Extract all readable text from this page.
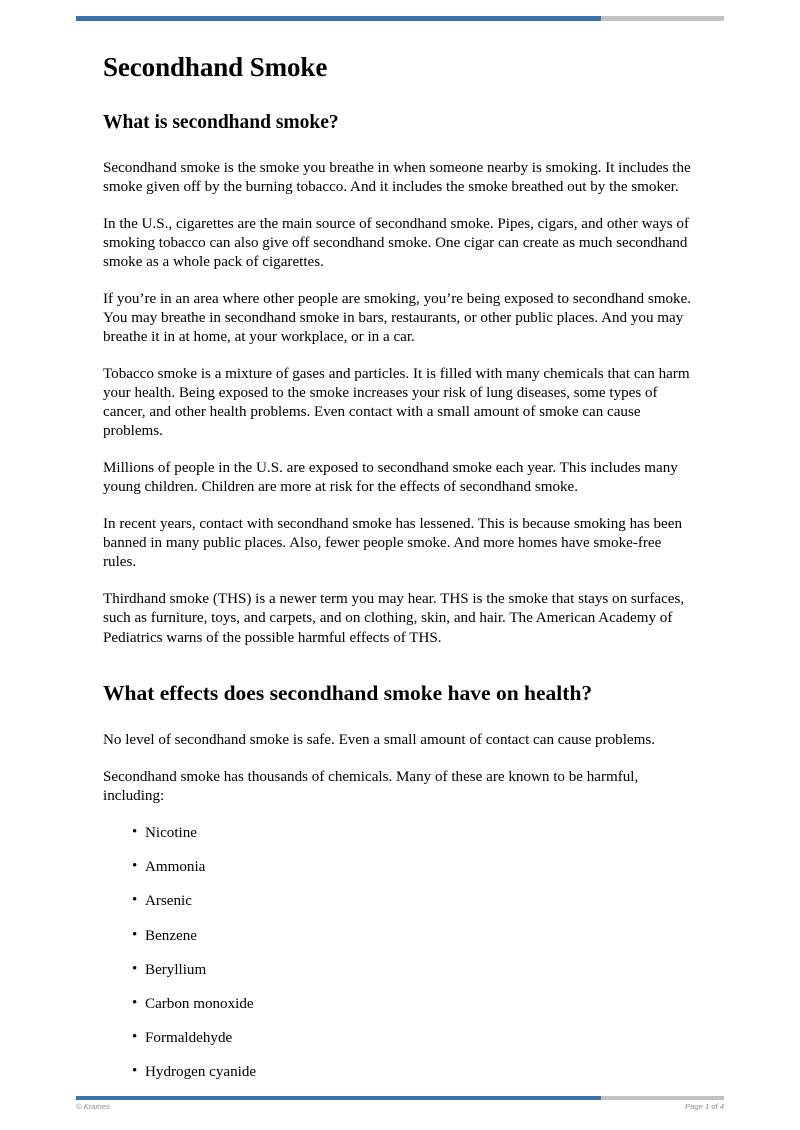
Secondhand Smoke
What is secondhand smoke?

Secondhand smoke is the smoke you breathe in when someone nearby is smoking. It includes the smoke given off by the burning tobacco. And it includes the smoke breathed out by the smoker.

In the U.S., cigarettes are the main source of secondhand smoke. Pipes, cigars, and other ways of smoking tobacco can also give off secondhand smoke. One cigar can create as much secondhand smoke as a whole pack of cigarettes.

If you’re in an area where other people are smoking, you’re being exposed to secondhand smoke. You may breathe in secondhand smoke in bars, restaurants, or other public places. And you may breathe it in at home, at your workplace, or in a car.

Tobacco smoke is a mixture of gases and particles. It is filled with many chemicals that can harm your health. Being exposed to the smoke increases your risk of lung diseases, some types of cancer, and other health problems. Even contact with a small amount of smoke can cause problems.

Millions of people in the U.S. are exposed to secondhand smoke each year. This includes many young children. Children are more at risk for the effects of secondhand smoke.

In recent years, contact with secondhand smoke has lessened. This is because smoking has been banned in many public places. Also, fewer people smoke. And more homes have smoke-free rules.

Thirdhand smoke (THS) is a newer term you may hear. THS is the smoke that stays on surfaces, such as furniture, toys, and carpets, and on clothing, skin, and hair. The American Academy of Pediatrics warns of the possible harmful effects of THS.

What effects does secondhand smoke have on health?

No level of secondhand smoke is safe. Even a small amount of contact can cause problems.

Secondhand smoke has thousands of chemicals. Many of these are known to be harmful, including:

• Nicotine
• Ammonia
• Arsenic
• Benzene
• Beryllium
• Carbon monoxide
• Formaldehyde
• Hydrogen cyanide
© Krames	Page 1 of 4
